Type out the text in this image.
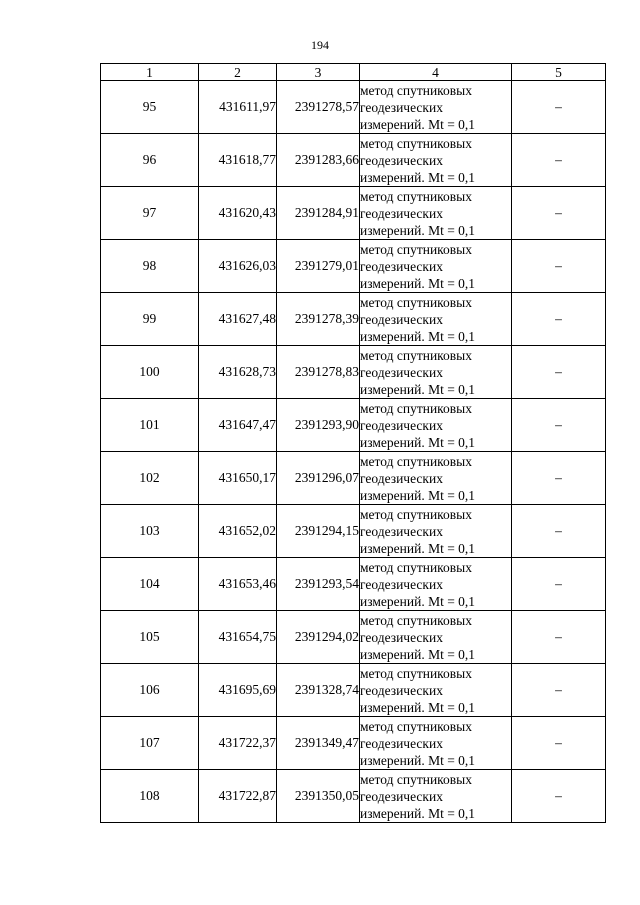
194
1	2	3	4	5
95	431611,97	2391278,57	метод спутниковых
геодезических
измерений. Mt = 0,1	–
96	431618,77	2391283,66	метод спутниковых
геодезических
измерений. Mt = 0,1	–
97	431620,43	2391284,91	метод спутниковых
геодезических
измерений. Mt = 0,1	–
98	431626,03	2391279,01	метод спутниковых
геодезических
измерений. Mt = 0,1	–
99	431627,48	2391278,39	метод спутниковых
геодезических
измерений. Mt = 0,1	–
100	431628,73	2391278,83	метод спутниковых
геодезических
измерений. Mt = 0,1	–
101	431647,47	2391293,90	метод спутниковых
геодезических
измерений. Mt = 0,1	–
102	431650,17	2391296,07	метод спутниковых
геодезических
измерений. Mt = 0,1	–
103	431652,02	2391294,15	метод спутниковых
геодезических
измерений. Mt = 0,1	–
104	431653,46	2391293,54	метод спутниковых
геодезических
измерений. Mt = 0,1	–
105	431654,75	2391294,02	метод спутниковых
геодезических
измерений. Mt = 0,1	–
106	431695,69	2391328,74	метод спутниковых
геодезических
измерений. Mt = 0,1	–
107	431722,37	2391349,47	метод спутниковых
геодезических
измерений. Mt = 0,1	–
108	431722,87	2391350,05	метод спутниковых
геодезических
измерений. Mt = 0,1	–
